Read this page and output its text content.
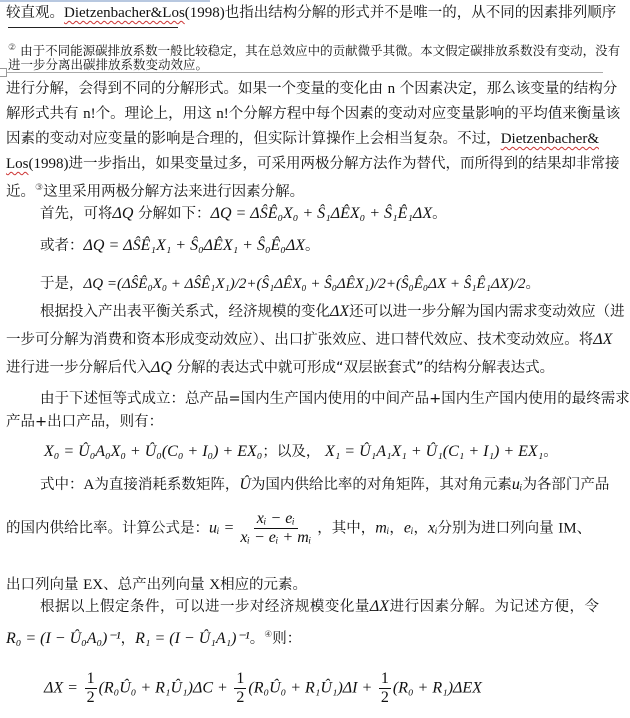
较直观。Dietzenbacher&Los(1998)也指出结构分解的形式并不是唯一的，从不同的因素排列顺序
② 由于不同能源碳排放系数一般比较稳定，其在总效应中的贡献微乎其微。本文假定碳排放系数没有变动，没有
进一步分离出碳排放系数变动效应。
进行分解，会得到不同的分解形式。如果一个变量的变化由 n 个因素决定，那么该变量的结构分
解形式共有 n!个。理论上，用这 n!个分解方程中每个因素的变动对应变量影响的平均值来衡量该
因素的变动对应变量的影响是合理的，但实际计算操作上会相当复杂。不过，Dietzenbacher&
Los(1998)进一步指出，如果变量过多，可采用两极分解方法作为替代，而所得到的结果却非常接
近。③这里采用两极分解方法来进行因素分解。
首先，可将ΔQ 分解如下：ΔQ = ΔŜÊ₀X₀ + Ŝ₁ΔÊX₀ + Ŝ₁Ê₁ΔX。
或者：ΔQ = ΔŜÊ₁X₁ + Ŝ₀ΔÊX₁ + Ŝ₀Ê₀ΔX。
于是，ΔQ =(ΔŜÊ₀X₀ + ΔŜÊ₁X₁)/2+(Ŝ₁ΔÊX₀ + Ŝ₀ΔÊX₁)/2+(Ŝ₀Ê₀ΔX + Ŝ₁Ê₁ΔX)/2。
根据投入产出表平衡关系式，经济规模的变化ΔX还可以进一步分解为国内需求变动效应（进
一步可分解为消费和资本形成变动效应）、出口扩张效应、进口替代效应、技术变动效应。将ΔX
进行进一步分解后代入ΔQ 分解的表达式中就可形成“双层嵌套式”的结构分解表达式。
由于下述恒等式成立：总产品=国内生产国内使用的中间产品+国内生产国内使用的最终需求
产品+出口产品，则有：
X₀ = Û₀A₀X₀ + Û₀(C₀ + I₀) + EX₀；以及， X₁ = Û₁A₁X₁ + Û₁(C₁ + I₁) + EX₁。
式中：A为直接消耗系数矩阵，Û为国内供给比率的对角矩阵，其对角元素uᵢ为各部门产品
的国内供给比率。计算公式是：uᵢ = $\frac{\text{xᵢ − eᵢ}}{\text{xᵢ − eᵢ + mᵢ}}$ ，其中，mᵢ，eᵢ，xᵢ分别为进口列向量 IM、
出口列向量 EX、总产出列向量 X相应的元素。
根据以上假定条件，可以进一步对经济规模变化量ΔX进行因素分解。为记述方便，令
R₀ = (I − Û₀A₀)⁻¹，R₁ = (I − Û₁A₁)⁻¹。④则：
$\Delta X = \frac{1}{2}$ (R₀Û₀ + R₁Û₁)ΔC + $\frac{1}{2}$ (R₀Û₀ + R₁Û₁)ΔI + $\frac{1}{2} (R_0 + R_1)\Delta EX$
